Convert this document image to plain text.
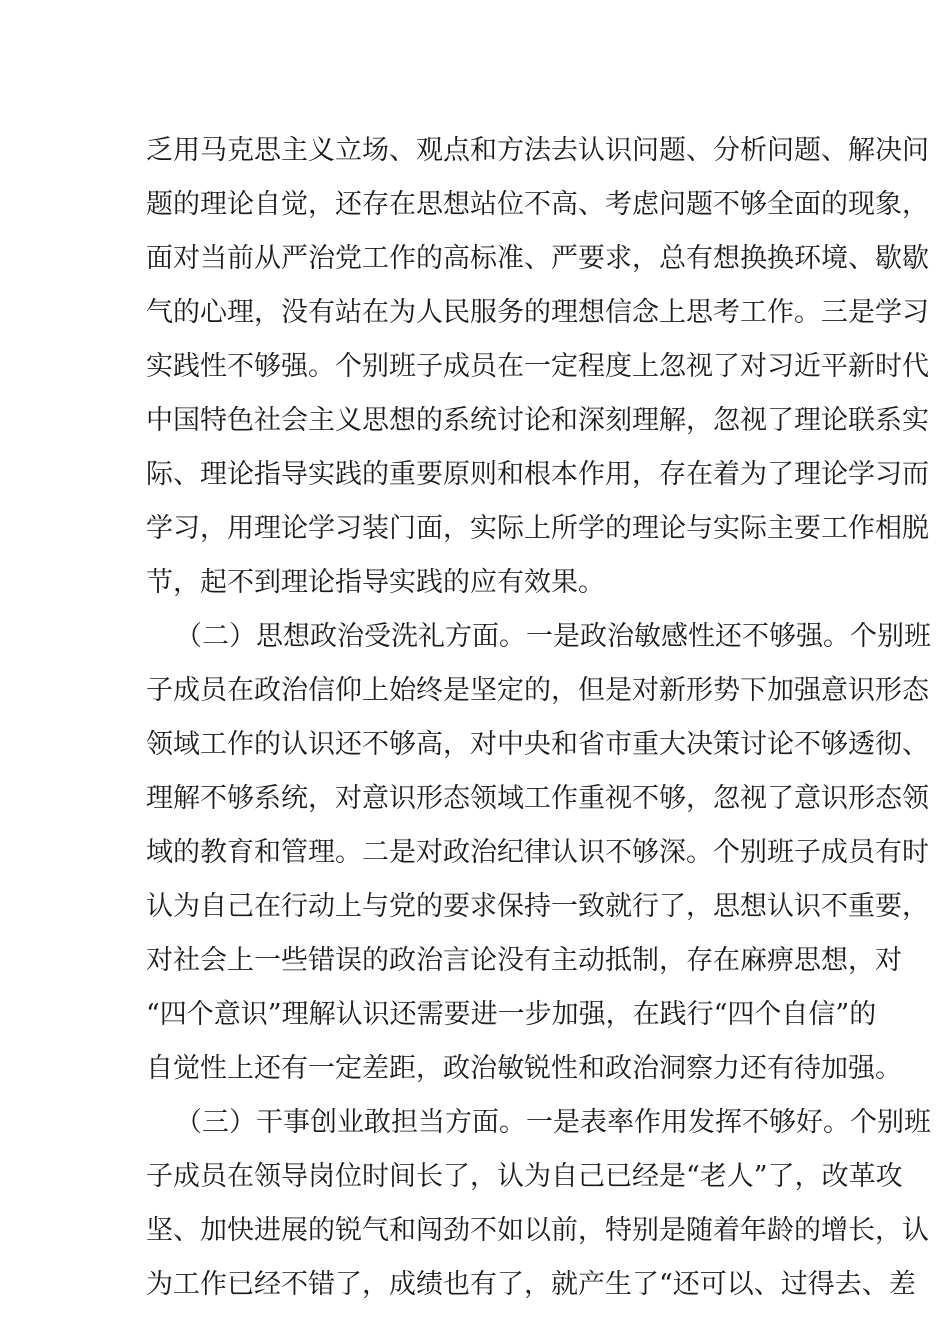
乏用马克思主义立场、观点和方法去认识问题、分析问题、解决问
题的理论自觉，还存在思想站位不高、考虑问题不够全面的现象，
面对当前从严治党工作的高标准、严要求，总有想换换环境、歇歇
气的心理，没有站在为人民服务的理想信念上思考工作。三是学习
实践性不够强。个别班子成员在一定程度上忽视了对习近平新时代
中国特色社会主义思想的系统讨论和深刻理解，忽视了理论联系实
际、理论指导实践的重要原则和根本作用，存在着为了理论学习而
学习，用理论学习装门面，实际上所学的理论与实际主要工作相脱
节，起不到理论指导实践的应有效果。
（二）思想政治受洗礼方面。一是政治敏感性还不够强。个别班
子成员在政治信仰上始终是坚定的，但是对新形势下加强意识形态
领域工作的认识还不够高，对中央和省市重大决策讨论不够透彻、
理解不够系统，对意识形态领域工作重视不够，忽视了意识形态领
域的教育和管理。二是对政治纪律认识不够深。个别班子成员有时
认为自己在行动上与党的要求保持一致就行了，思想认识不重要，
对社会上一些错误的政治言论没有主动抵制，存在麻痹思想，对
“四个意识”理解认识还需要进一步加强，在践行“四个自信”的
自觉性上还有一定差距，政治敏锐性和政治洞察力还有待加强。
（三）干事创业敢担当方面。一是表率作用发挥不够好。个别班
子成员在领导岗位时间长了，认为自己已经是“老人”了，改革攻
坚、加快进展的锐气和闯劲不如以前，特别是随着年龄的增长，认
为工作已经不错了，成绩也有了，就产生了“还可以、过得去、差
